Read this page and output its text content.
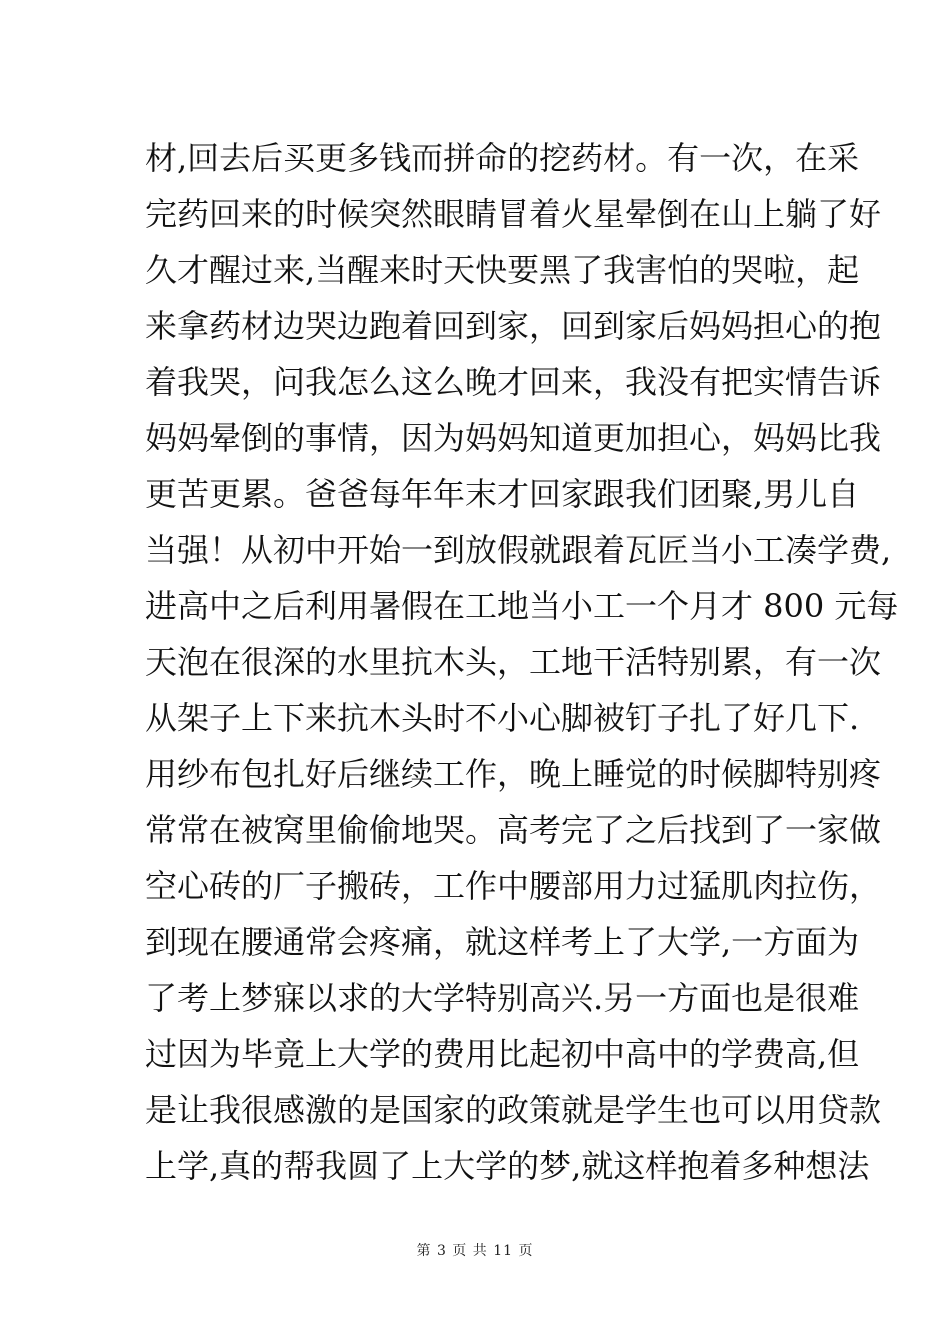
材,回去后买更多钱而拼命的挖药材。有一次，在采
完药回来的时候突然眼睛冒着火星晕倒在山上躺了好
久才醒过来,当醒来时天快要黑了我害怕的哭啦，起
来拿药材边哭边跑着回到家，回到家后妈妈担心的抱
着我哭，问我怎么这么晚才回来，我没有把实情告诉
妈妈晕倒的事情，因为妈妈知道更加担心，妈妈比我
更苦更累。爸爸每年年末才回家跟我们团聚,男儿自
当强！从初中开始一到放假就跟着瓦匠当小工凑学费,
进高中之后利用暑假在工地当小工一个月才 800 元每
天泡在很深的水里抗木头，工地干活特别累，有一次
从架子上下来抗木头时不小心脚被钉子扎了好几下.
用纱布包扎好后继续工作，晚上睡觉的时候脚特别疼
常常在被窝里偷偷地哭。高考完了之后找到了一家做
空心砖的厂子搬砖，工作中腰部用力过猛肌肉拉伤，
到现在腰通常会疼痛，就这样考上了大学,一方面为
了考上梦寐以求的大学特别高兴.另一方面也是很难
过因为毕竟上大学的费用比起初中高中的学费高,但
是让我很感激的是国家的政策就是学生也可以用贷款
上学,真的帮我圆了上大学的梦,就这样抱着多种想法
第 3 页 共 11 页
